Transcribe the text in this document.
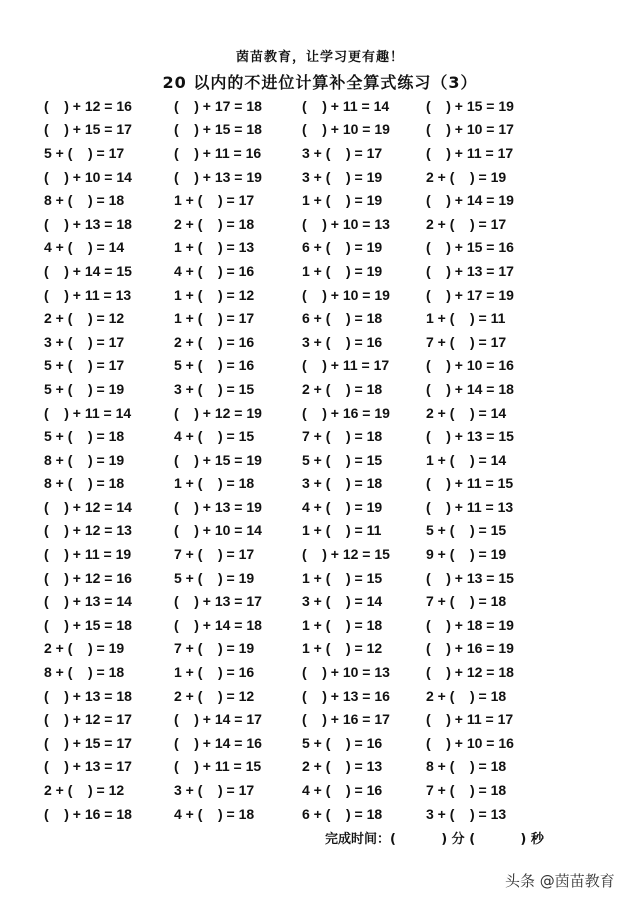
茵苗教育，让学习更有趣！
20 以内的不进位计算补全算式练习（3）
(    ) + 12 = 16	(    ) + 17 = 18	(    ) + 11 = 14	(    ) + 15 = 19
(    ) + 15 = 17	(    ) + 15 = 18	(    ) + 10 = 19	(    ) + 10 = 17
5 + (    ) = 17	(    ) + 11 = 16	3 + (    ) = 17	(    ) + 11 = 17
(    ) + 10 = 14	(    ) + 13 = 19	3 + (    ) = 19	2 + (    ) = 19
8 + (    ) = 18	1 + (    ) = 17	1 + (    ) = 19	(    ) + 14 = 19
(    ) + 13 = 18	2 + (    ) = 18	(    ) + 10 = 13	2 + (    ) = 17
4 + (    ) = 14	1 + (    ) = 13	6 + (    ) = 19	(    ) + 15 = 16
(    ) + 14 = 15	4 + (    ) = 16	1 + (    ) = 19	(    ) + 13 = 17
(    ) + 11 = 13	1 + (    ) = 12	(    ) + 10 = 19	(    ) + 17 = 19
2 + (    ) = 12	1 + (    ) = 17	6 + (    ) = 18	1 + (    ) = 11
3 + (    ) = 17	2 + (    ) = 16	3 + (    ) = 16	7 + (    ) = 17
5 + (    ) = 17	5 + (    ) = 16	(    ) + 11 = 17	(    ) + 10 = 16
5 + (    ) = 19	3 + (    ) = 15	2 + (    ) = 18	(    ) + 14 = 18
(    ) + 11 = 14	(    ) + 12 = 19	(    ) + 16 = 19	2 + (    ) = 14
5 + (    ) = 18	4 + (    ) = 15	7 + (    ) = 18	(    ) + 13 = 15
8 + (    ) = 19	(    ) + 15 = 19	5 + (    ) = 15	1 + (    ) = 14
8 + (    ) = 18	1 + (    ) = 18	3 + (    ) = 18	(    ) + 11 = 15
(    ) + 12 = 14	(    ) + 13 = 19	4 + (    ) = 19	(    ) + 11 = 13
(    ) + 12 = 13	(    ) + 10 = 14	1 + (    ) = 11	5 + (    ) = 15
(    ) + 11 = 19	7 + (    ) = 17	(    ) + 12 = 15	9 + (    ) = 19
(    ) + 12 = 16	5 + (    ) = 19	1 + (    ) = 15	(    ) + 13 = 15
(    ) + 13 = 14	(    ) + 13 = 17	3 + (    ) = 14	7 + (    ) = 18
(    ) + 15 = 18	(    ) + 14 = 18	1 + (    ) = 18	(    ) + 18 = 19
2 + (    ) = 19	7 + (    ) = 19	1 + (    ) = 12	(    ) + 16 = 19
8 + (    ) = 18	1 + (    ) = 16	(    ) + 10 = 13	(    ) + 12 = 18
(    ) + 13 = 18	2 + (    ) = 12	(    ) + 13 = 16	2 + (    ) = 18
(    ) + 12 = 17	(    ) + 14 = 17	(    ) + 16 = 17	(    ) + 11 = 17
(    ) + 15 = 17	(    ) + 14 = 16	5 + (    ) = 16	(    ) + 10 = 16
(    ) + 13 = 17	(    ) + 11 = 15	2 + (    ) = 13	8 + (    ) = 18
2 + (    ) = 12	3 + (    ) = 17	4 + (    ) = 16	7 + (    ) = 18
(    ) + 16 = 18	4 + (    ) = 18	6 + (    ) = 18	3 + (    ) = 13
完成时间：(          ) 分 (          ) 秒
头条 @茵苗教育
